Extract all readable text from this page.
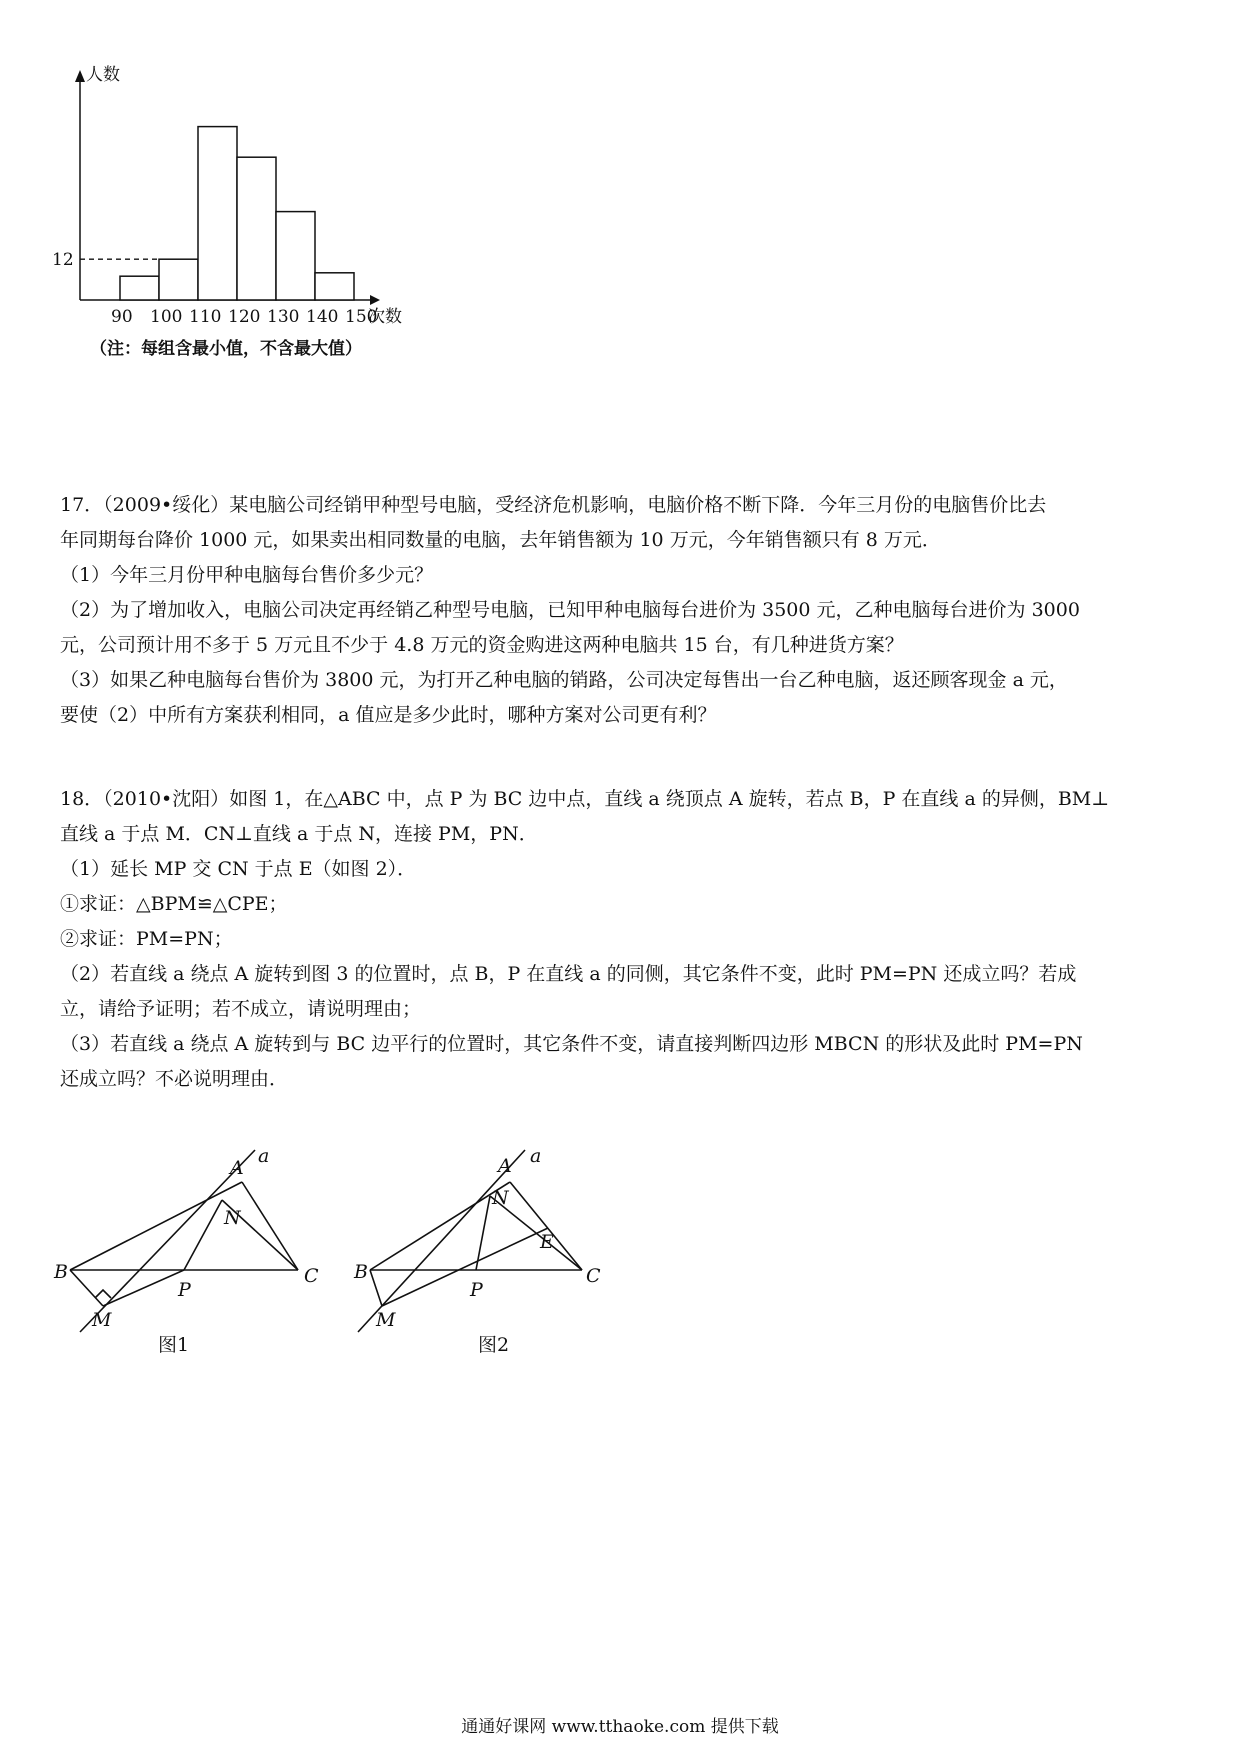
12
90 100 110 120 130 140 150
次数
人数
（注：每组含最小值，不含最大值）
17．（2009•绥化）某电脑公司经销甲种型号电脑，受经济危机影响，电脑价格不断下降．今年三月份的电脑售价比去
年同期每台降价 1000 元，如果卖出相同数量的电脑，去年销售额为 10 万元，今年销售额只有 8 万元．
（1）今年三月份甲种电脑每台售价多少元？
（2）为了增加收入，电脑公司决定再经销乙种型号电脑，已知甲种电脑每台进价为 3500 元，乙种电脑每台进价为 3000
元，公司预计用不多于 5 万元且不少于 4.8 万元的资金购进这两种电脑共 15 台，有几种进货方案？
（3）如果乙种电脑每台售价为 3800 元，为打开乙种电脑的销路，公司决定每售出一台乙种电脑，返还顾客现金 a 元，
要使（2）中所有方案获利相同，a 值应是多少此时，哪种方案对公司更有利？
18．（2010•沈阳）如图 1，在△ABC 中，点 P 为 BC 边中点，直线 a 绕顶点 A 旋转，若点 B，P 在直线 a 的异侧，BM⊥
直线 a 于点 M．CN⊥直线 a 于点 N，连接 PM，PN．
（1）延长 MP 交 CN 于点 E（如图 2）．
①求证：△BPM≌△CPE；
②求证：PM=PN；
（2）若直线 a 绕点 A 旋转到图 3 的位置时，点 B，P 在直线 a 的同侧，其它条件不变，此时 PM=PN 还成立吗？若成
立，请给予证明；若不成立，请说明理由；
（3）若直线 a 绕点 A 旋转到与 BC 边平行的位置时，其它条件不变，请直接判断四边形 MBCN 的形状及此时 PM=PN
还成立吗？不必说明理由．
A
a
N
B
P
C
M
图1
A a
N
E
B
P
C
M
图2
通通好课网 www.tthaoke.com 提供下载
